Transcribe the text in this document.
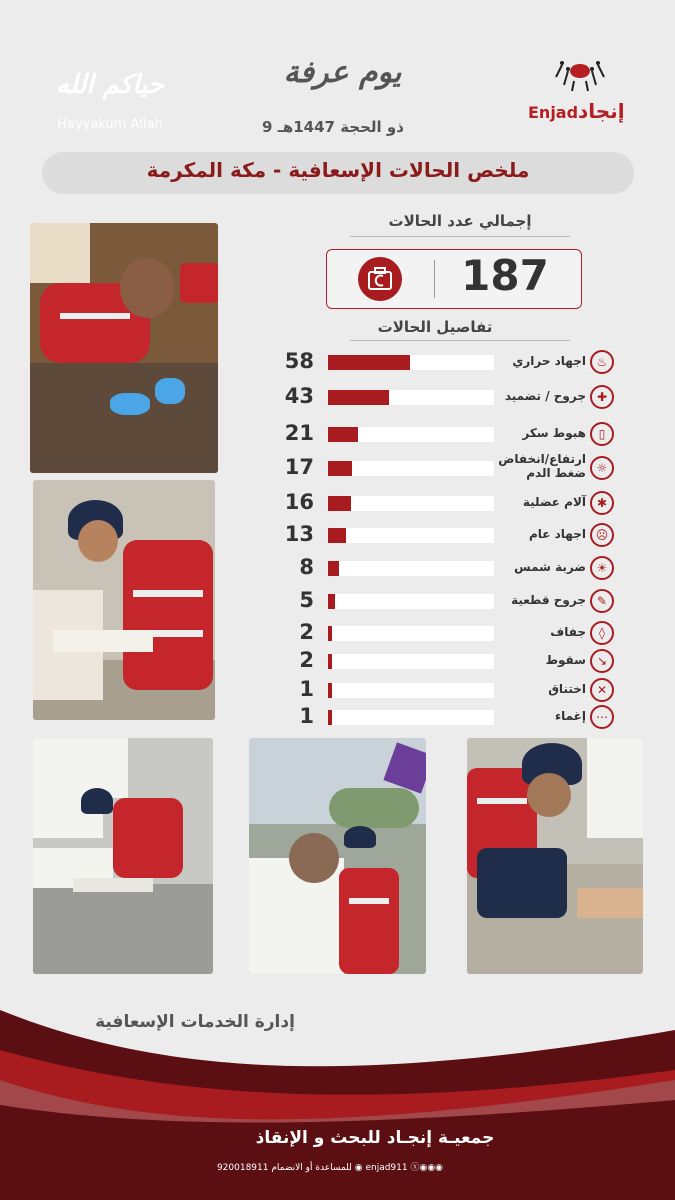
Enjad إنجاد
يوم عرفة
9 ذو الحجة 1447هـ
حياكم الله
Hayyakum Allah
ملخص الحالات الإسعافية - مكة المكرمة
إجمالي عدد الحالات
187
تفاصيل الحالات
58	اجهاد حراري ♨
43	جروح / تضميد ✚
21	هبوط سكر	▯
17	ارتفاع/انخفاض ضغط الدم ☼
16	آلام عضلية ✱
13	اجهاد عام ☹
8	ضربة شمس ☀
5	جروح قطعية ✎
2	جفاف	◊
2	سقوط ↘
1	اختناق ✕
1	إغماء ⋯
إدارة الخدمات الإسعافية
جمعيـة إنجـاد للبحث و الإنقاذ
للمساعدة أو الانضمام 920018911 ◉ enjad911 ⓧ◉◉◉
